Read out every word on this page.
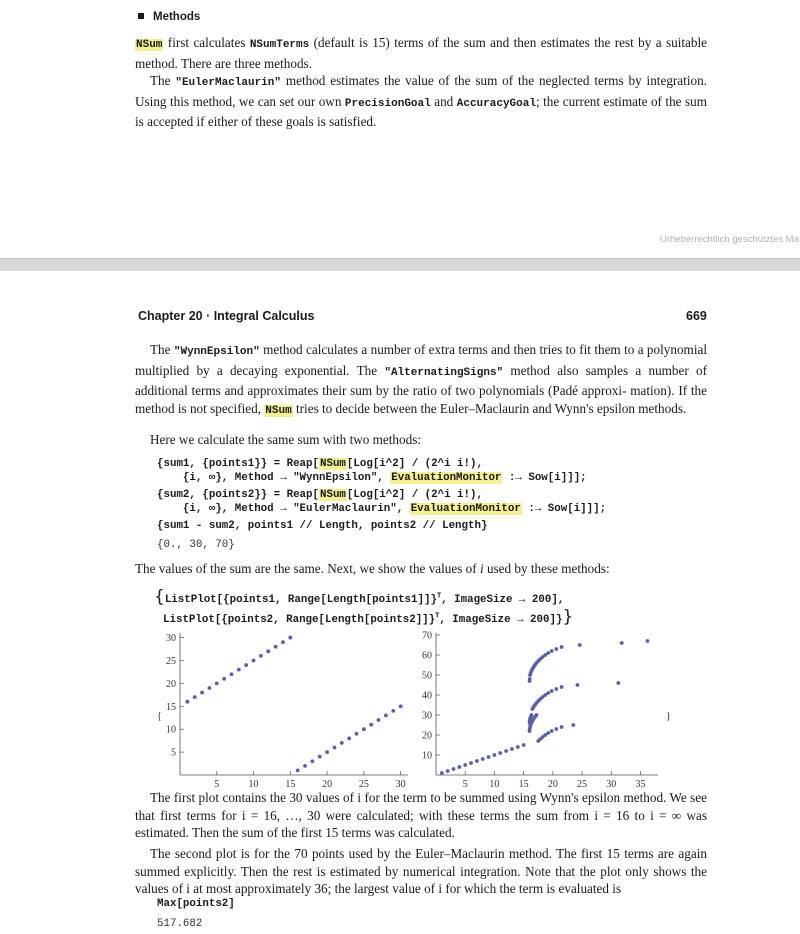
Methods

NSum first calculates NSumTerms (default is 15) terms of the sum and then estimates the rest by a suitable method. There are three methods.

The "EulerMaclaurin" method estimates the value of the sum of the neglected terms by integration. Using this method, we can set our own PrecisionGoal and AccuracyGoal; the current estimate of the sum is accepted if either of these goals is satisfied.

Urheberrechtlich geschütztes Ma
Chapter 20 · Integral Calculus	669

The "WynnEpsilon" method calculates a number of extra terms and then tries to fit them to a polynomial multiplied by a decaying exponential. The "AlternatingSigns" method also samples a number of additional terms and approximates their sum by the ratio of two polynomials (Padé approxi- mation). If the method is not specified, NSum tries to decide between the Euler–Maclaurin and Wynn's epsilon methods.

Here we calculate the same sum with two methods:

{sum1, {points1}} = Reap[NSum[Log[i^2] / (2^i i!),
{i, ∞}, Method → "WynnEpsilon", EvaluationMonitor :→ Sow[i]]];
{sum2, {points2}} = Reap[NSum[Log[i^2] / (2^i i!),
{i, ∞}, Method → "EulerMaclaurin", EvaluationMonitor :→ Sow[i]]];
{sum1 - sum2, points1 // Length, points2 // Length}
{0., 30, 70}

The values of the sum are the same. Next, we show the values of i used by these methods:

{ListPlot[{points1, Range[Length[points1]]}$^T$, ImageSize → 200],
ListPlot[{points2, Range[Length[points2]]}$^T$, ImageSize → 200]}}
5	10	15	20	25	30
5
10
15
20
25
30
5 10 15 20 25 30 35
10
20
30
40
50
60
70
{	}

The first plot contains the 30 values of i for the term to be summed using Wynn's epsilon method. We see that first terms for i = 16, …, 30 were calculated; with these terms the sum from i = 16 to i = ∞ was estimated. Then the sum of the first 15 terms was calculated.

The second plot is for the 70 points used by the Euler–Maclaurin method. The first 15 terms are again summed explicitly. Then the rest is estimated by numerical integration. Note that the plot only shows the values of i at most approximately 36; the largest value of i for which the term is evaluated is

Max[points2]
517.682
